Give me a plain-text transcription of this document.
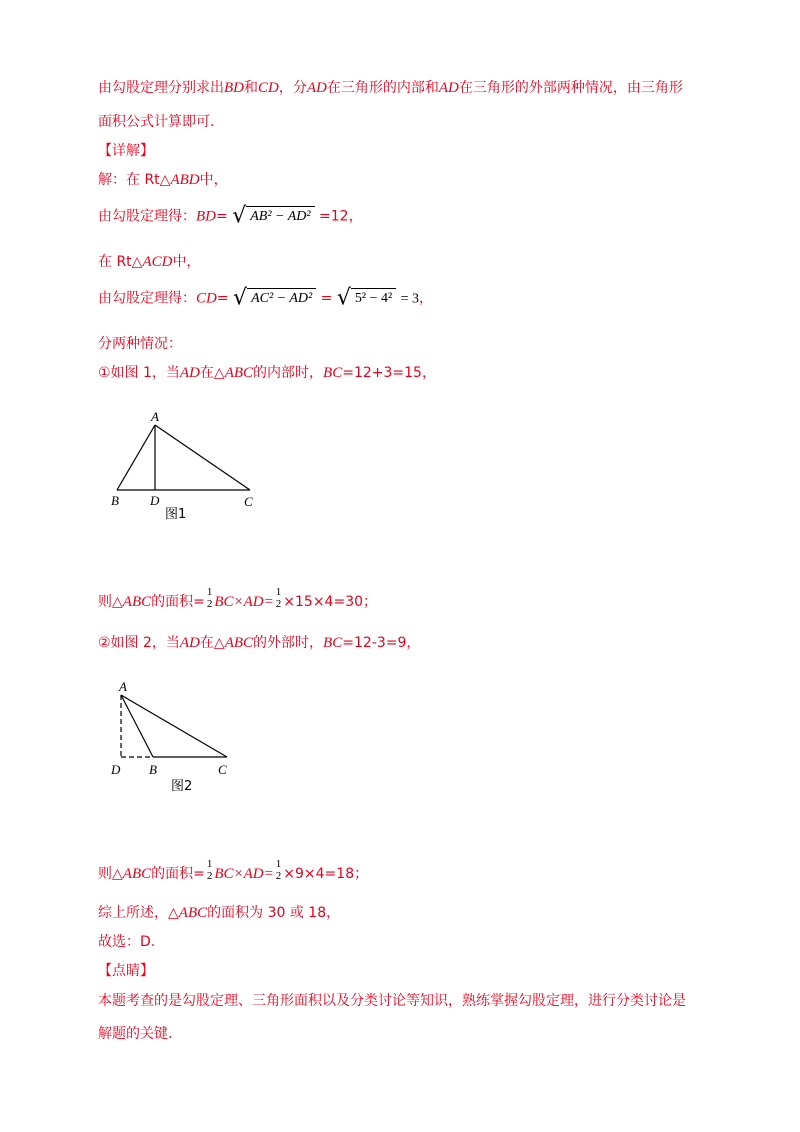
由勾股定理分别求出BD和CD，分AD在三角形的内部和AD在三角形的外部两种情况，由三角形
面积公式计算即可.
【详解】
解：在 Rt△ABD中，
由勾股定理得：BD= √ AB² − AD² =12，
在 Rt△ACD中，
由勾股定理得：CD= √ AC² − AD² = √ 5² − 4² = 3，
分两种情况：
①如图 1，当AD在△ABC的内部时，BC=12+3=15，
A
B D	C
图1
则△ABC的面积=
1
2 BC×AD=
1
2 ×15×4=30；
②如图 2，当AD在△ABC的外部时，BC=12-3=9，
A
D B	C
图2
则△ABC的面积=
1
2 BC×AD=
1
2 ×9×4=18；
综上所述，△ABC的面积为 30 或 18，
故选：D.
【点睛】
本题考查的是勾股定理、三角形面积以及分类讨论等知识，熟练掌握勾股定理，进行分类讨论是
解题的关键.
